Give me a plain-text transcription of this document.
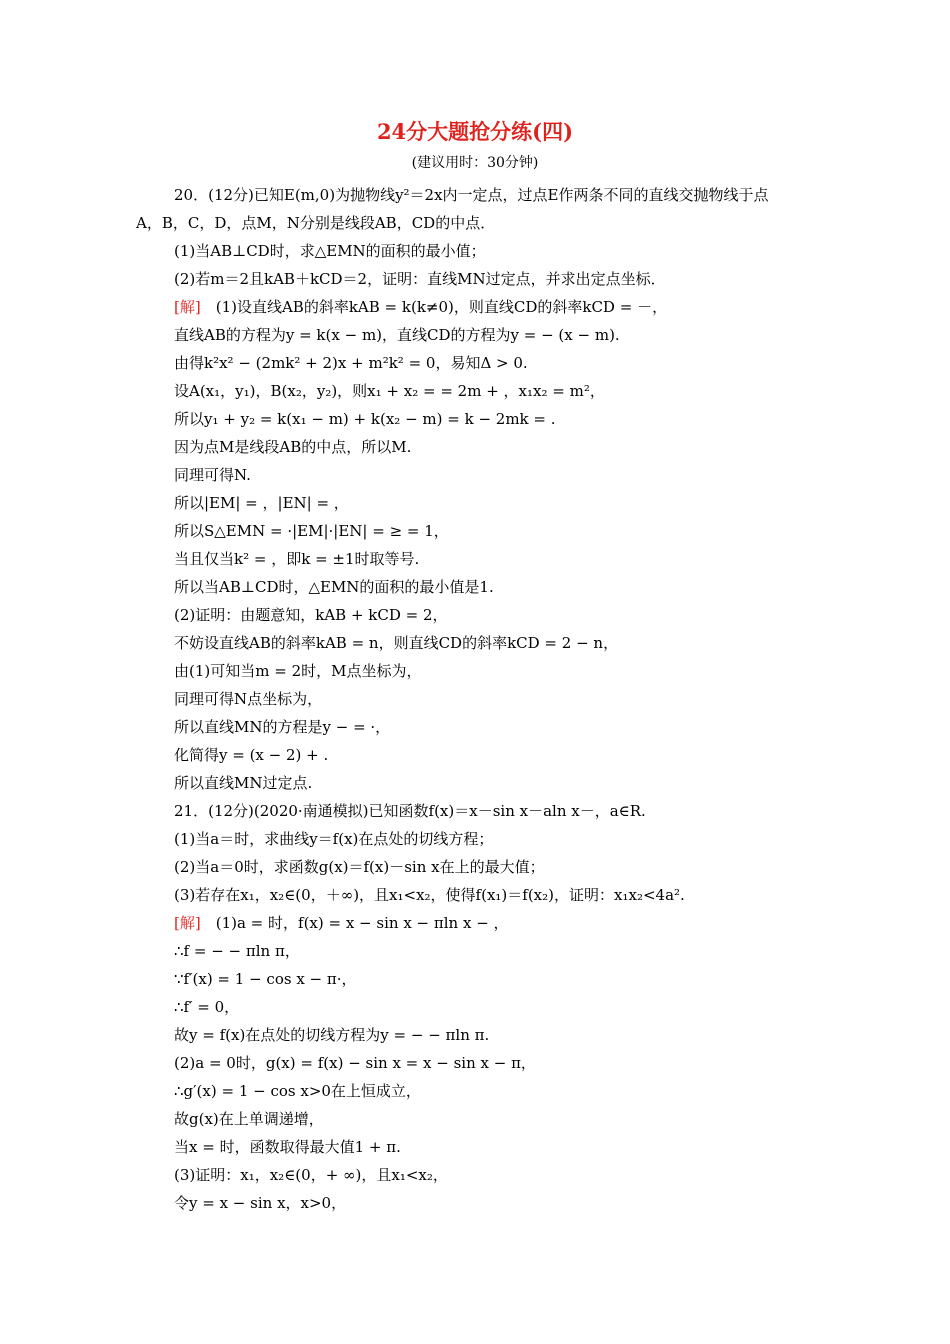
24分大题抢分练(四)
(建议用时：30分钟)
20．(12分)已知E(m,0)为抛物线y²＝2x内一定点，过点E作两条不同的直线交抛物线于点
A，B，C，D，点M，N分别是线段AB，CD的中点．
(1)当AB⊥CD时，求△EMN的面积的最小值；
(2)若m＝2且kAB＋kCD＝2，证明：直线MN过定点，并求出定点坐标．
[解]　(1)设直线AB的斜率kAB = k(k≠0)，则直线CD的斜率kCD = －，
直线AB的方程为y = k(x − m)，直线CD的方程为y = − (x − m).
由得k²x² − (2mk² + 2)x + m²k² = 0，易知Δ > 0.
设A(x₁，y₁)，B(x₂，y₂)，则x₁ + x₂ = = 2m + ，x₁x₂ = m²，
所以y₁ + y₂ = k(x₁ − m) + k(x₂ − m) = k − 2mk = .
因为点M是线段AB的中点，所以M.
同理可得N.
所以|EM| = ，|EN| = ，
所以S△EMN = ·|EM|·|EN| = ≥ = 1，
当且仅当k² = ，即k = ±1时取等号.
所以当AB⊥CD时，△EMN的面积的最小值是1.
(2)证明：由题意知，kAB + kCD = 2，
不妨设直线AB的斜率kAB = n，则直线CD的斜率kCD = 2 − n，
由(1)可知当m = 2时，M点坐标为，
同理可得N点坐标为，
所以直线MN的方程是y − = ·，
化简得y = (x − 2) + .
所以直线MN过定点.
21．(12分)(2020·南通模拟)已知函数f(x)＝x－sin x－aln x－，a∈R.
(1)当a＝时，求曲线y＝f(x)在点处的切线方程；
(2)当a＝0时，求函数g(x)＝f(x)－sin x在上的最大值；
(3)若存在x₁，x₂∈(0，＋∞)，且x₁<x₂，使得f(x₁)＝f(x₂)，证明：x₁x₂<4a².
[解]　(1)a = 时，f(x) = x − sin x − πln x − ，
∴f = − − πln π，
∵f′(x) = 1 − cos x − π·，
∴f′ = 0，
故y = f(x)在点处的切线方程为y = − − πln π.
(2)a = 0时，g(x) = f(x) − sin x = x − sin x − π，
∴g′(x) = 1 − cos x>0在上恒成立，
故g(x)在上单调递增，
当x = 时，函数取得最大值1 + π.
(3)证明：x₁，x₂∈(0，+ ∞)，且x₁<x₂，
令y = x − sin x，x>0，
